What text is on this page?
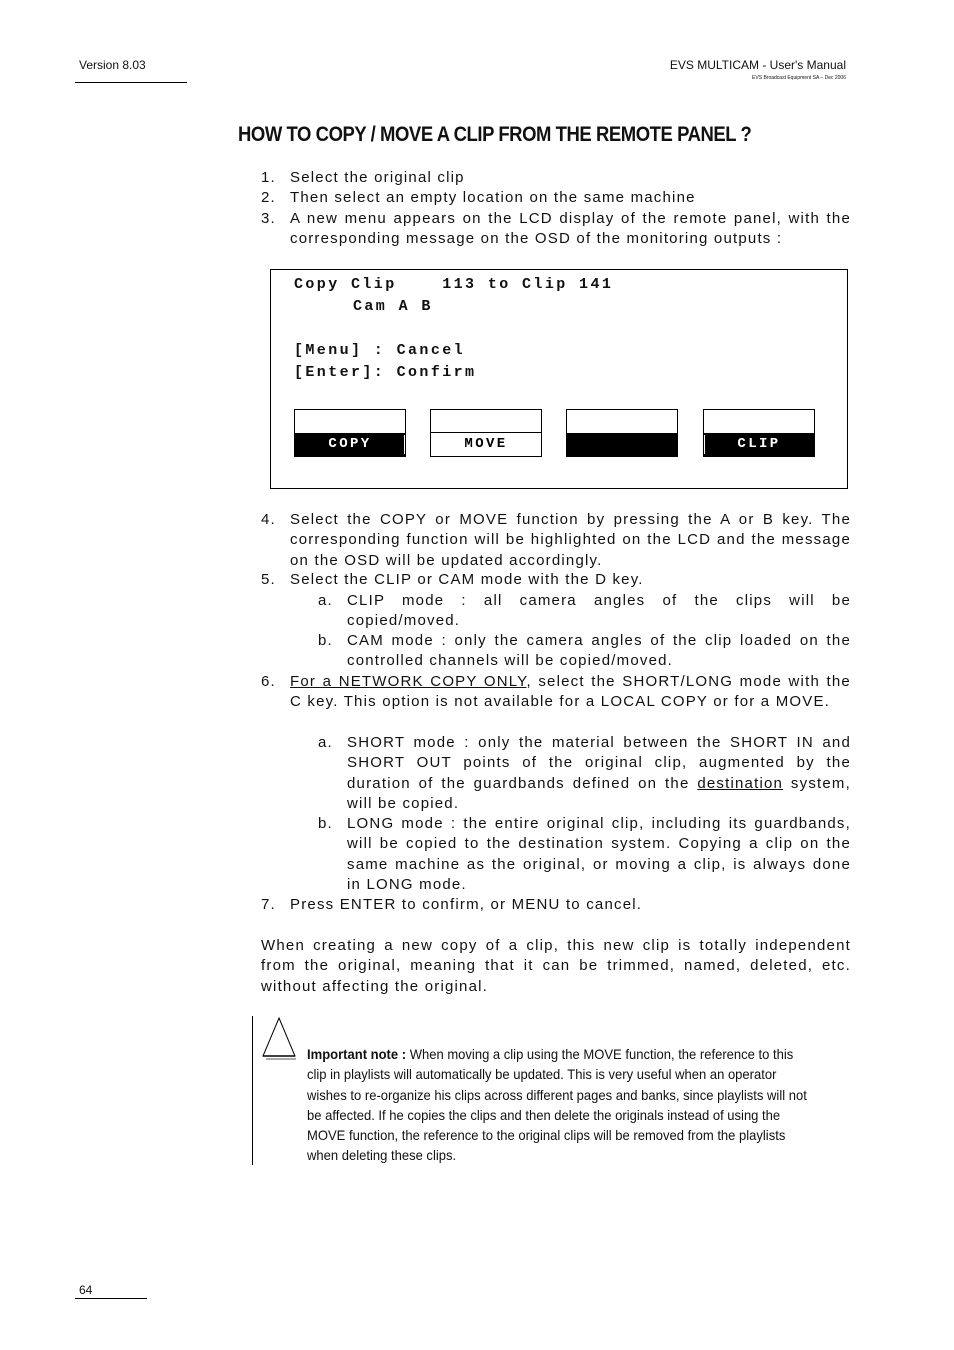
Version 8.03	EVS MULTICAM - User's Manual
EVS Broadcast Equipment SA – Dec 2006
HOW TO COPY / MOVE A CLIP FROM THE REMOTE PANEL ?
1. Select the original clip
2. Then select an empty location on the same machine
3. A new menu appears on the LCD display of the remote panel, with the corresponding message on the OSD of the monitoring outputs :
Copy Clip    113 to Clip 141
Cam A B
[Menu] : Cancel
[Enter]: Confirm
COPY	MOVE	CLIP
4. Select the COPY or MOVE function by pressing the A or B key. The corresponding function will be highlighted on the LCD and the message on the OSD will be updated accordingly.
5. Select the CLIP or CAM mode with the D key.
a. CLIP mode : all camera angles of the clips will be copied/moved.
b. CAM mode : only the camera angles of the clip loaded on the controlled channels will be copied/moved.
6. For a NETWORK COPY ONLY, select the SHORT/LONG mode with the C key. This option is not available for a LOCAL COPY or for a MOVE.
a. SHORT mode : only the material between the SHORT IN and SHORT OUT points of the original clip, augmented by the duration of the guardbands defined on the destination system, will be copied.
b. LONG mode : the entire original clip, including its guardbands, will be copied to the destination system. Copying a clip on the same machine as the original, or moving a clip, is always done in LONG mode.
7. Press ENTER to confirm, or MENU to cancel.
When creating a new copy of a clip, this new clip is totally independent from the original, meaning that it can be trimmed, named, deleted, etc. without affecting the original.
Important note : When moving a clip using the MOVE function, the reference to this clip in playlists will automatically be updated. This is very useful when an operator wishes to re-organize his clips across different pages and banks, since playlists will not be affected. If he copies the clips and then delete the originals instead of using the MOVE function, the reference to the original clips will be removed from the playlists when deleting these clips.
64
